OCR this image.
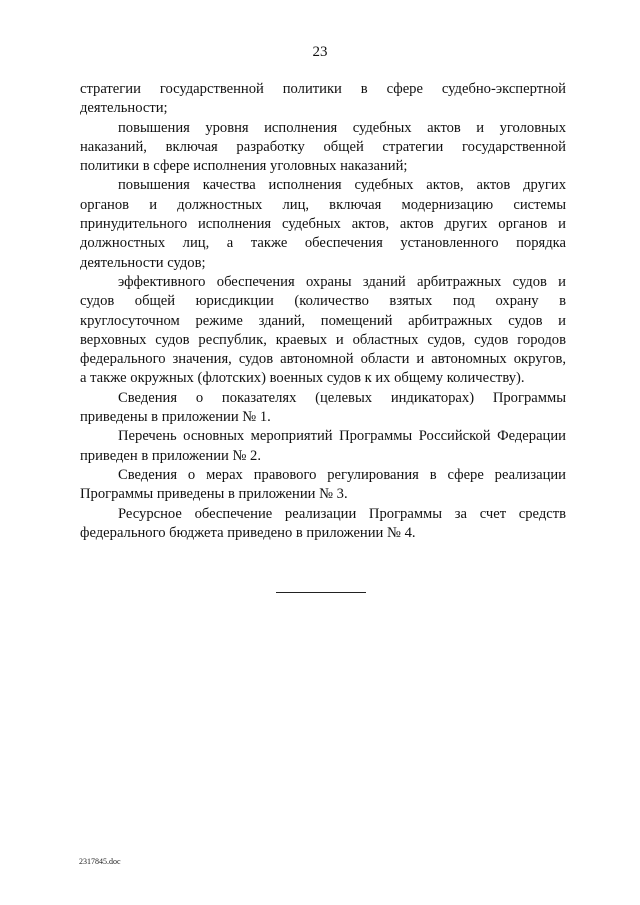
23

стратегии государственной политики в сфере судебно-экспертной
деятельности;

повышения уровня исполнения судебных актов и уголовных
наказаний, включая разработку общей стратегии государственной
политики в сфере исполнения уголовных наказаний;

повышения качества исполнения судебных актов, актов других
органов и должностных лиц, включая модернизацию системы
принудительного исполнения судебных актов, актов других органов и
должностных лиц, а также обеспечения установленного порядка
деятельности судов;

эффективного обеспечения охраны зданий арбитражных судов и
судов общей юрисдикции (количество взятых под охрану в
круглосуточном режиме зданий, помещений арбитражных судов и
верховных судов республик, краевых и областных судов, судов городов
федерального значения, судов автономной области и автономных округов,
а также окружных (флотских) военных судов к их общему количеству).

Сведения о показателях (целевых индикаторах) Программы
приведены в приложении № 1.

Перечень основных мероприятий Программы Российской Федерации
приведен в приложении № 2.

Сведения о мерах правового регулирования в сфере реализации
Программы приведены в приложении № 3.

Ресурсное обеспечение реализации Программы за счет средств
федерального бюджета приведено в приложении № 4.

2317845.doc
